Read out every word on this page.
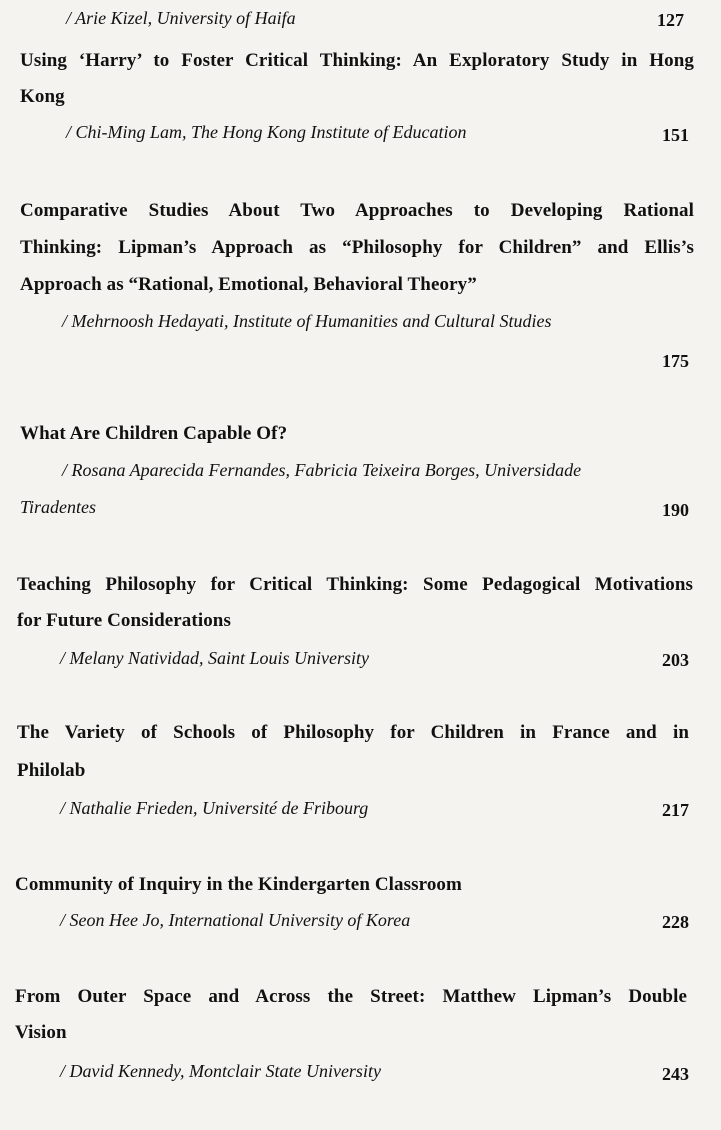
/ Arie Kizel, University of Haifa	127
Using ‘Harry’ to Foster Critical Thinking: An Exploratory Study in Hong
Kong
/ Chi-Ming Lam, The Hong Kong Institute of Education	151
Comparative Studies About Two Approaches to Developing Rational
Thinking: Lipman’s Approach as “Philosophy for Children” and Ellis’s
Approach as “Rational, Emotional, Behavioral Theory”
/ Mehrnoosh Hedayati, Institute of Humanities and Cultural Studies
175
What Are Children Capable Of?
/ Rosana Aparecida Fernandes, Fabricia Teixeira Borges, Universidade
Tiradentes	190
Teaching Philosophy for Critical Thinking: Some Pedagogical Motivations
for Future Considerations
/ Melany Natividad, Saint Louis University	203
The Variety of Schools of Philosophy for Children in France and in
Philolab
/ Nathalie Frieden, Université de Fribourg	217
Community of Inquiry in the Kindergarten Classroom
/ Seon Hee Jo, International University of Korea	228
From Outer Space and Across the Street: Matthew Lipman’s Double
Vision
/ David Kennedy, Montclair State University	243
